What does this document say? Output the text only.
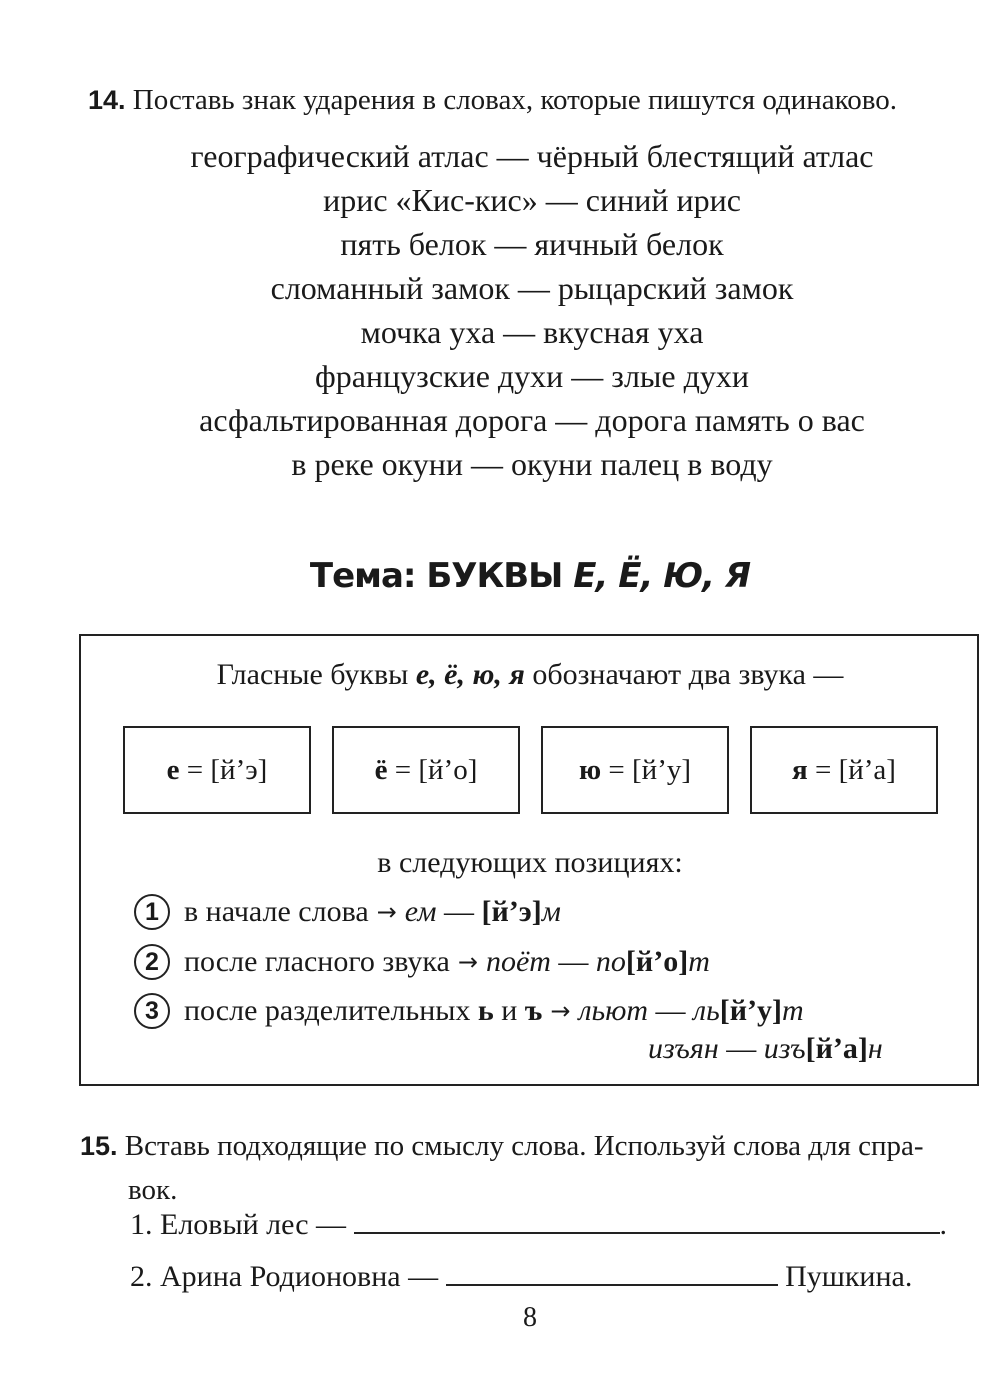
14. Поставь знак ударения в словах, которые пишутся одинаково.
географический атлас — чёрный блестящий атлас
ирис «Кис-кис» — синий ирис
пять белок — яичный белок
сломанный замок — рыцарский замок
мочка уха — вкусная уха
французские духи — злые духи
асфальтированная дорога — дорога память о вас
в реке окуни — окуни палец в воду
Тема: БУКВЫ Е, Ё, Ю, Я
Гласные буквы е, ё, ю, я обозначают два звука —
е = [й’э]	ё = [й’о]	ю = [й’у]	я = [й’а]
в следующих позициях:
1 в начале слова → ем — [й’э] м
2 после гласного звука → поёт — по [й’о] т
3 после разделительных
ь и ъ → льют — ль [й’у] т
изъян — изъ[й’а]н
15. Вставь подходящие по смыслу слова. Используй слова для спра-
вок.
1. Еловый лес —	.
2. Арина Родионовна —	Пушкина.
8
